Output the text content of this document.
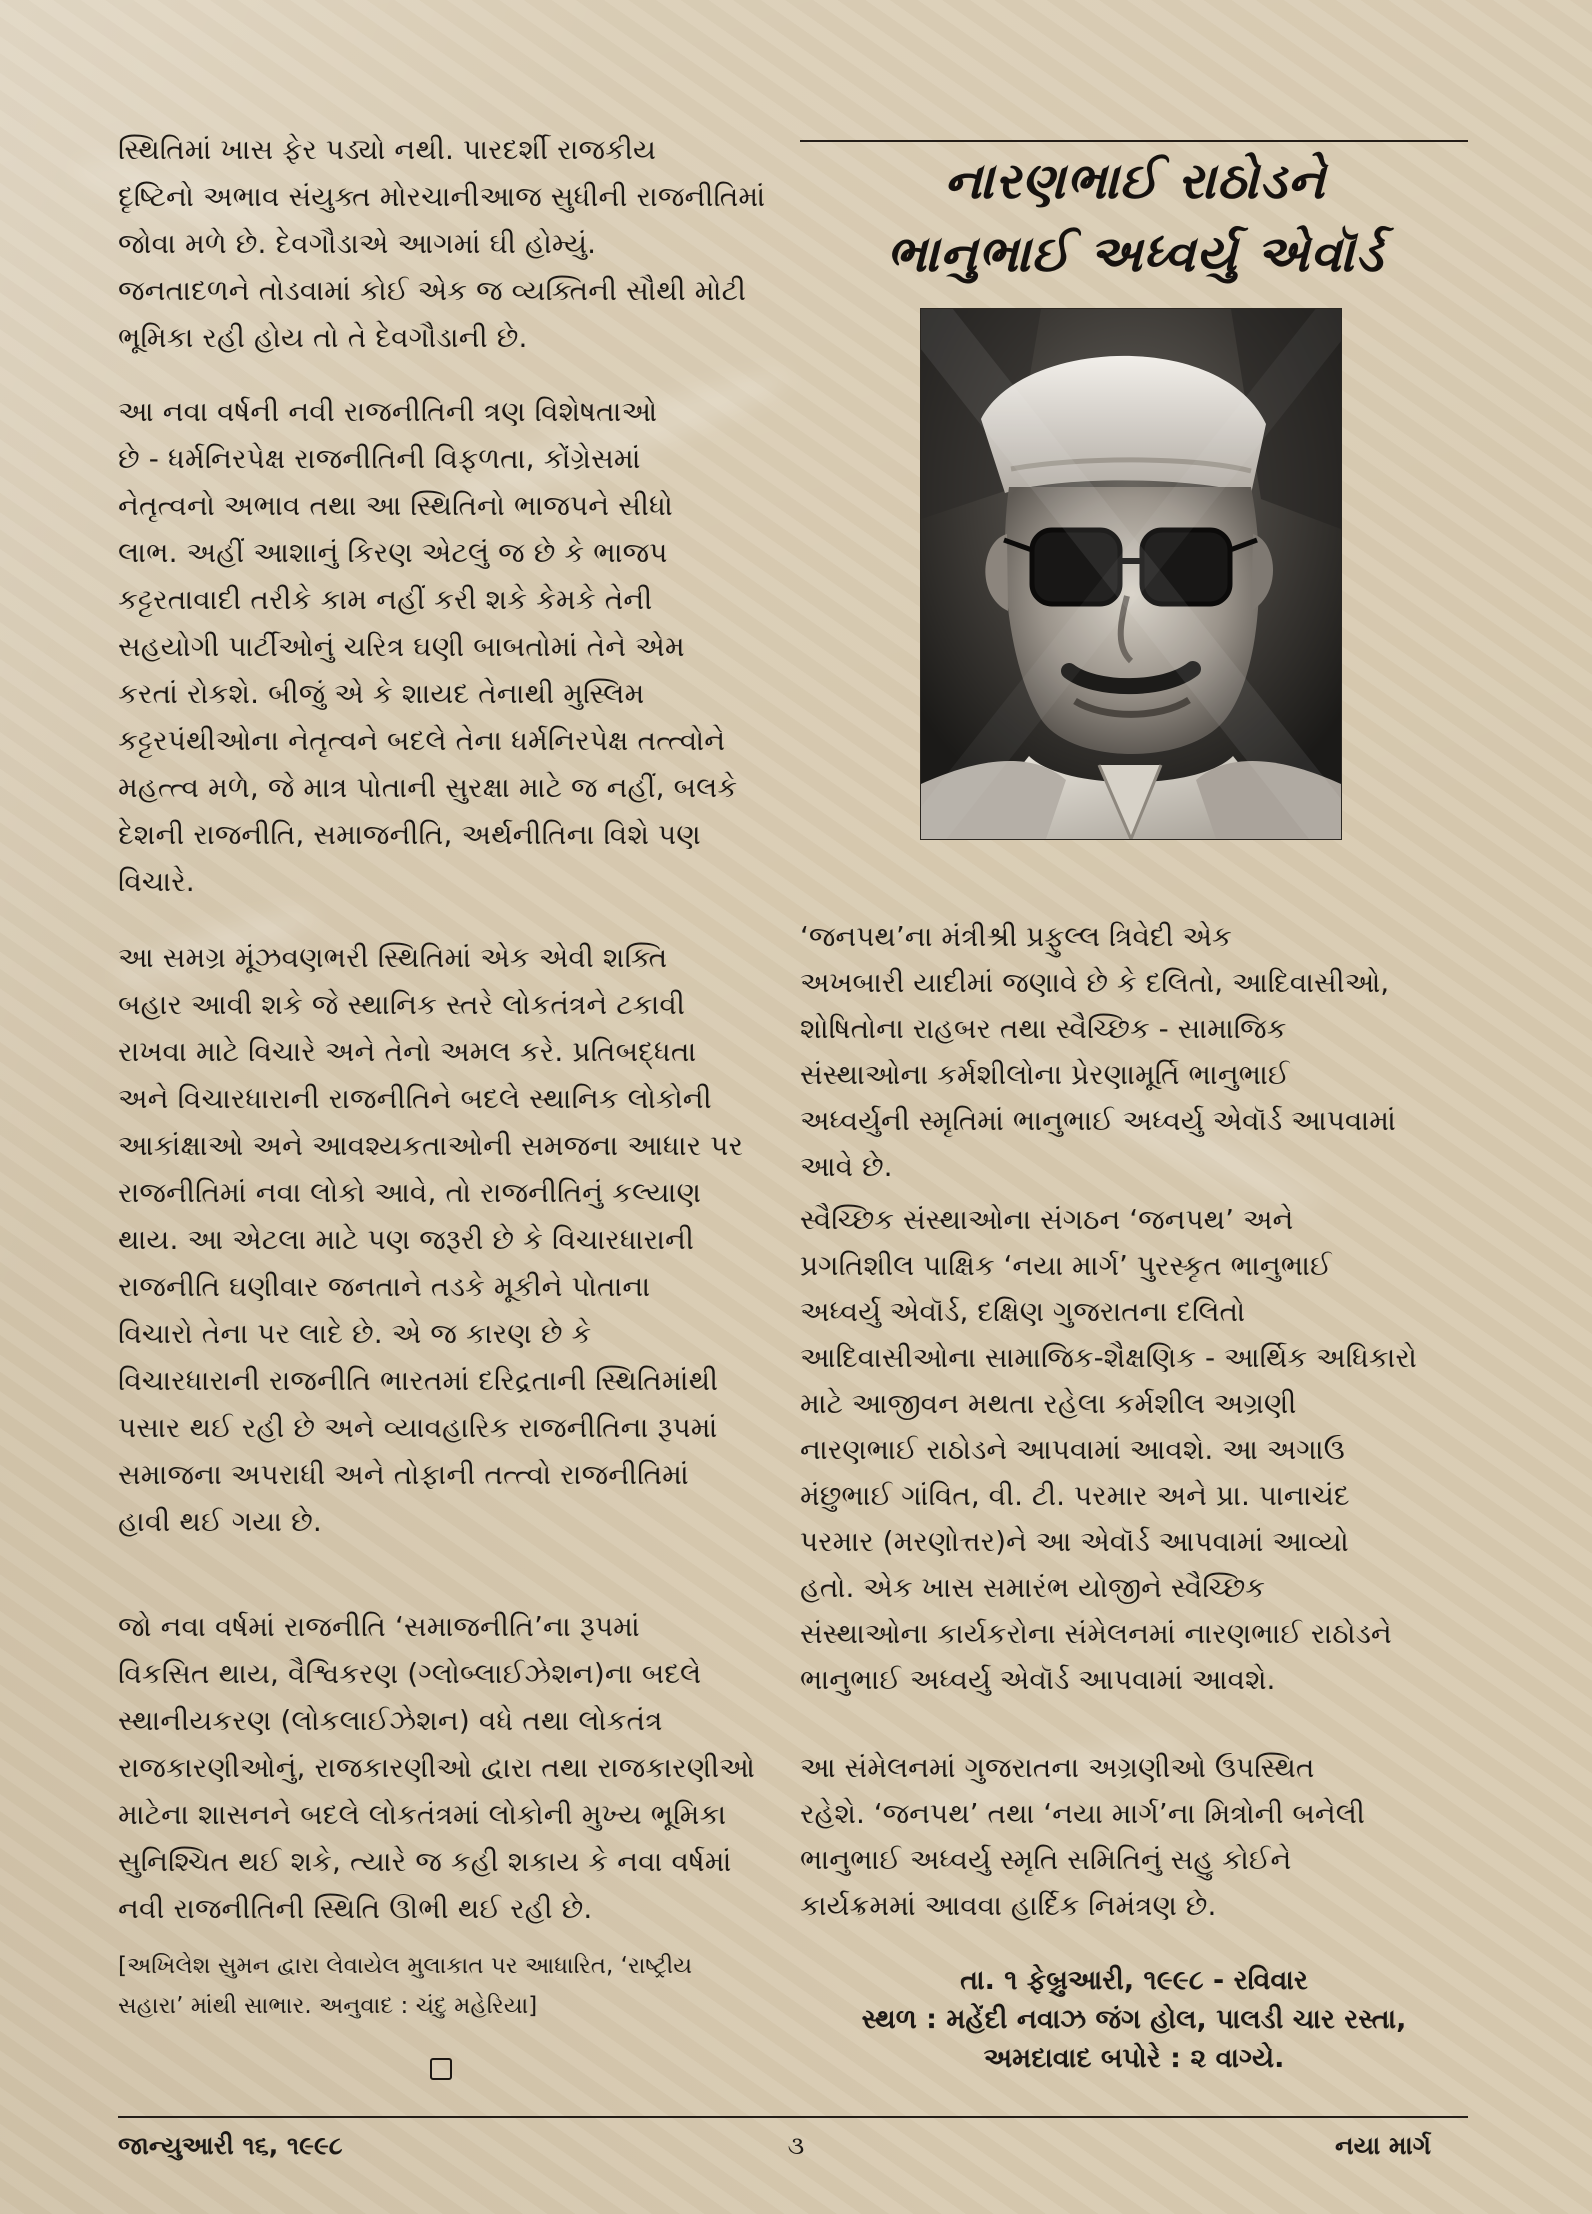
સ્થિતિમાં ખાસ ફેર પડ્યો નથી. પારદર્શી રાજકીય
દૃષ્ટિનો અભાવ સંયુક્ત મોરચાનીઆજ સુધીની રાજનીતિમાં
જોવા મળે છે. દેવગૌડાએ આગમાં ઘી હોમ્યું.
જનતાદળને તોડવામાં કોઈ એક જ વ્યક્તિની સૌથી મોટી
ભૂમિકા રહી હોય તો તે દેવગૌડાની છે.

આ નવા વર્ષની નવી રાજનીતિની ત્રણ વિશેષતાઓ
છે - ધર્મનિરપેક્ષ રાજનીતિની વિફળતા, કોંગ્રેસમાં
નેતૃત્વનો અભાવ તથા આ સ્થિતિનો ભાજપને સીધો
લાભ. અહીં આશાનું કિરણ એટલું જ છે કે ભાજપ
કટ્ટરતાવાદી તરીકે કામ નહીં કરી શકે કેમકે તેની
સહયોગી પાર્ટીઓનું ચરિત્ર ઘણી બાબતોમાં તેને એમ
કરતાં રોકશે. બીજું એ કે શાયદ તેનાથી મુસ્લિમ
કટ્ટરપંથીઓના નેતૃત્વને બદલે તેના ધર્મનિરપેક્ષ તત્ત્વોને
મહત્ત્વ મળે, જે માત્ર પોતાની સુરક્ષા માટે જ નહીં, બલકે
દેશની રાજનીતિ, સમાજનીતિ, અર્થનીતિના વિશે પણ
વિચારે.

આ સમગ્ર મૂંઝવણભરી સ્થિતિમાં એક એવી શક્તિ
બહાર આવી શકે જે સ્થાનિક સ્તરે લોકતંત્રને ટકાવી
રાખવા માટે વિચારે અને તેનો અમલ કરે. પ્રતિબદ્ધતા
અને વિચારધારાની રાજનીતિને બદલે સ્થાનિક લોકોની
આકાંક્ષાઓ અને આવશ્યકતાઓની સમજના આધાર પર
રાજનીતિમાં નવા લોકો આવે, તો રાજનીતિનું કલ્યાણ
થાય. આ એટલા માટે પણ જરૂરી છે કે વિચારધારાની
રાજનીતિ ઘણીવાર જનતાને તડકે મૂકીને પોતાના
વિચારો તેના પર લાદે છે. એ જ કારણ છે કે
વિચારધારાની રાજનીતિ ભારતમાં દરિદ્રતાની સ્થિતિમાંથી
પસાર થઈ રહી છે અને વ્યાવહારિક રાજનીતિના રૂપમાં
સમાજના અપરાધી અને તોફાની તત્ત્વો રાજનીતિમાં
હાવી થઈ ગયા છે.

જો નવા વર્ષમાં રાજનીતિ ‘સમાજનીતિ’ના રૂપમાં
વિકસિત થાય, વૈશ્વિકરણ (ગ્લોબ્લાઈઝેશન)ના બદલે
સ્થાનીયકરણ (લોકલાઈઝેશન) વધે તથા લોકતંત્ર
રાજકારણીઓનું, રાજકારણીઓ દ્વારા તથા રાજકારણીઓ
માટેના શાસનને બદલે લોકતંત્રમાં લોકોની મુખ્ય ભૂમિકા
સુનિશ્ચિત થઈ શકે, ત્યારે જ કહી શકાય કે નવા વર્ષમાં
નવી રાજનીતિની સ્થિતિ ઊભી થઈ રહી છે.

[અખિલેશ સુમન દ્વારા લેવાયેલ મુલાકાત પર આધારિત, ‘રાષ્ટ્રીય
સહારા’ માંથી સાભાર. અનુવાદ : ચંદુ મહેરિયા]

નારણભાઈ રાઠોડને
ભાનુભાઈ અધ્વર્યુ એવૉર્ડ

‘જનપથ’ના મંત્રીશ્રી પ્રફુલ્લ ત્રિવેદી એક
અખબારી યાદીમાં જણાવે છે કે દલિતો, આદિવાસીઓ,
શોષિતોના રાહબર તથા સ્વૈચ્છિક - સામાજિક
સંસ્થાઓના કર્મશીલોના પ્રેરણામૂર્તિ ભાનુભાઈ
અધ્વર્યુની સ્મૃતિમાં ભાનુભાઈ અધ્વર્યુ એવૉર્ડ આપવામાં
આવે છે.

સ્વૈચ્છિક સંસ્થાઓના સંગઠન ‘જનપથ’ અને
પ્રગતિશીલ પાક્ષિક ‘નયા માર્ગ’ પુરસ્કૃત ભાનુભાઈ
અધ્વર્યુ એવૉર્ડ, દક્ષિણ ગુજરાતના દલિતો
આદિવાસીઓના સામાજિક-શૈક્ષણિક - આર્થિક અધિકારો
માટે આજીવન મથતા રહેલા કર્મશીલ અગ્રણી
નારણભાઈ રાઠોડને આપવામાં આવશે. આ અગાઉ
મંછુભાઈ ગાંવિત, વી. ટી. પરમાર અને પ્રા. પાનાચંદ
પરમાર (મરણોત્તર)ને આ એવૉર્ડ આપવામાં આવ્યો
હતો. એક ખાસ સમારંભ યોજીને સ્વૈચ્છિક
સંસ્થાઓના કાર્યકરોના સંમેલનમાં નારણભાઈ રાઠોડને
ભાનુભાઈ અધ્વર્યુ એવૉર્ડ આપવામાં આવશે.

આ સંમેલનમાં ગુજરાતના અગ્રણીઓ ઉપસ્થિત
રહેશે. ‘જનપથ’ તથા ‘નયા માર્ગ’ના મિત્રોની બનેલી
ભાનુભાઈ અધ્વર્યુ સ્મૃતિ સમિતિનું સહુ કોઈને
કાર્યક્રમમાં આવવા હાર્દિક નિમંત્રણ છે.

તા. ૧ ફેબ્રુઆરી, ૧૯૯૮ - રવિવાર

સ્થળ : મહેંદી નવાઝ જંગ હોલ, પાલડી ચાર રસ્તા,

અમદાવાદ બપોરે : ૨ વાગ્યે.

જાન્યુઆરી ૧૬, ૧૯૯૮	૩	નયા માર્ગ
